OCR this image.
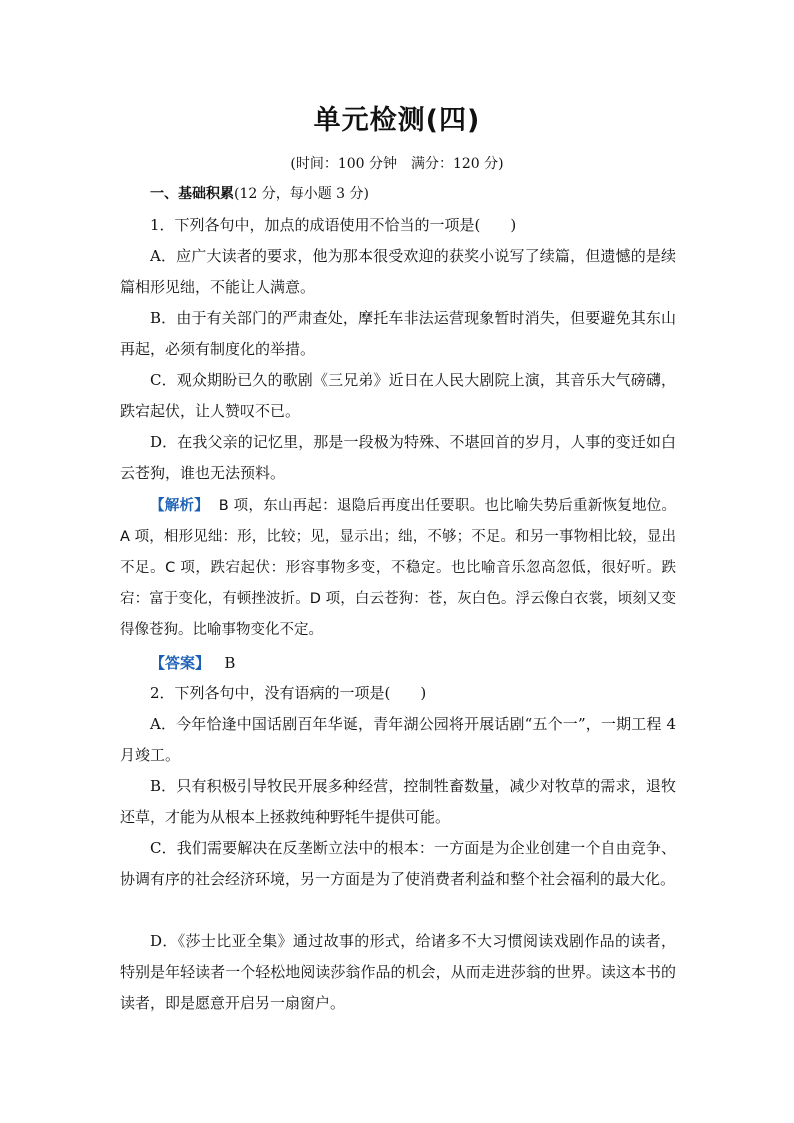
单元检测(四)
(时间：100 分钟　满分：120 分)
一、基础积累(12 分，每小题 3 分)
1．下列各句中，加点的成语使用不恰当的一项是(　　)
A．应广大读者的要求，他为那本很受欢迎的获奖小说写了续篇，但遗憾的是续篇相形见绌，不能让人满意。
B．由于有关部门的严肃查处，摩托车非法运营现象暂时消失，但要避免其东山再起，必须有制度化的举措。
C．观众期盼已久的歌剧《三兄弟》近日在人民大剧院上演，其音乐大气磅礴，跌宕起伏，让人赞叹不已。
D．在我父亲的记忆里，那是一段极为特殊、不堪回首的岁月，人事的变迁如白云苍狗，谁也无法预料。
【解析】 B 项，东山再起：退隐后再度出任要职。也比喻失势后重新恢复地位。A 项，相形见绌：形，比较；见，显示出；绌，不够；不足。和另一事物相比较，显出不足。C 项，跌宕起伏：形容事物多变，不稳定。也比喻音乐忽高忽低，很好听。跌宕：富于变化，有顿挫波折。D 项，白云苍狗：苍，灰白色。浮云像白衣裳，顷刻又变得像苍狗。比喻事物变化不定。
【答案】 B
2．下列各句中，没有语病的一项是(　　)
A．今年恰逢中国话剧百年华诞，青年湖公园将开展话剧“五个一”，一期工程 4 月竣工。
B．只有积极引导牧民开展多种经营，控制牲畜数量，减少对牧草的需求，退牧还草，才能为从根本上拯救纯种野牦牛提供可能。
C．我们需要解决在反垄断立法中的根本：一方面是为企业创建一个自由竞争、协调有序的社会经济环境，另一方面是为了使消费者利益和整个社会福利的最大化。
D．《莎士比亚全集》通过故事的形式，给诸多不大习惯阅读戏剧作品的读者，特别是年轻读者一个轻松地阅读莎翁作品的机会，从而走进莎翁的世界。读这本书的读者，即是愿意开启另一扇窗户。
